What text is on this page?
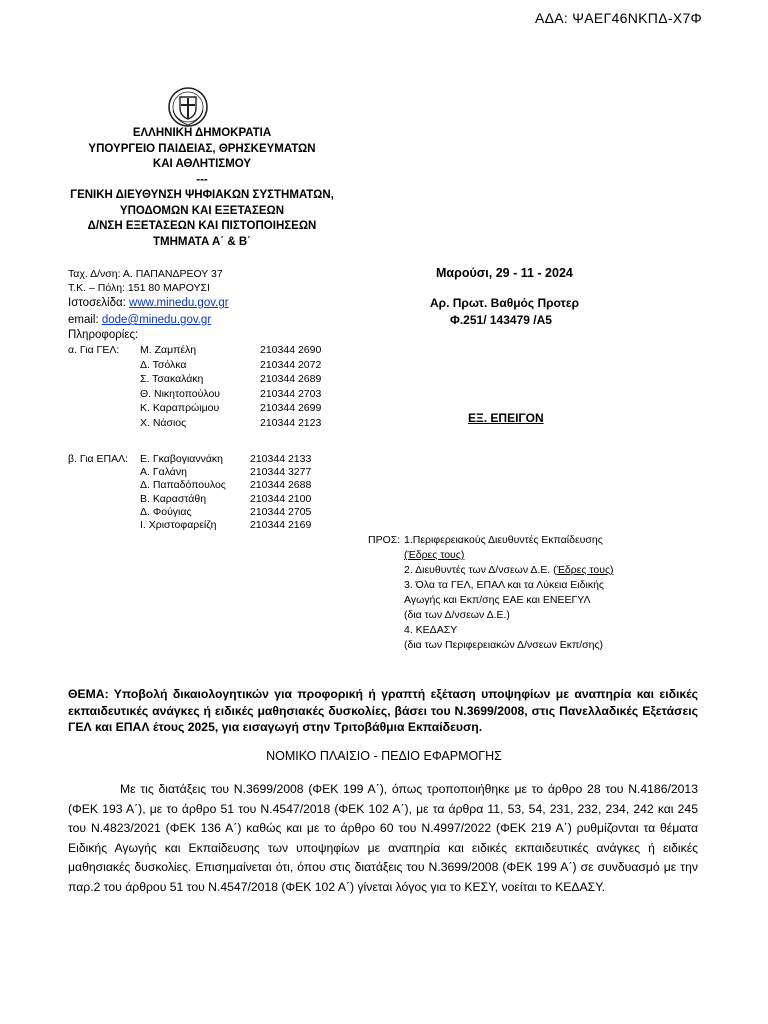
ΑΔΑ: ΨΑΕΓ46ΝΚΠΔ-Χ7Φ
ΕΛΛΗΝΙΚΗ ΔΗΜΟΚΡΑΤΙΑ
ΥΠΟΥΡΓΕΙΟ ΠΑΙΔΕΙΑΣ, ΘΡΗΣΚΕΥΜΑΤΩΝ
ΚΑΙ ΑΘΛΗΤΙΣΜΟΥ
---
ΓΕΝΙΚΗ ΔΙΕΥΘΥΝΣΗ ΨΗΦΙΑΚΩΝ ΣΥΣΤΗΜΑΤΩΝ,
ΥΠΟΔΟΜΩΝ ΚΑΙ ΕΞΕΤΑΣΕΩΝ
Δ/ΝΣΗ ΕΞΕΤΑΣΕΩΝ ΚΑΙ ΠΙΣΤΟΠΟΙΗΣΕΩΝ
ΤΜΗΜΑΤΑ Α΄ & Β΄
Ταχ. Δ/νση: Α. ΠΑΠΑΝΔΡΕΟΥ 37
Τ.Κ. – Πόλη: 151 80 ΜΑΡΟΥΣΙ
Ιστοσελίδα: www.minedu.gov.gr
email: dode@minedu.gov.gr
Πληροφορίες:
α. Για ΓΕΛ: Μ. Ζαμπέλη	210344 2690
Δ. Τσόλκα	210344 2072
Σ. Τσακαλάκη	210344 2689
Θ. Νικητοπούλου	210344 2703
Κ. Καραπρώιμου	210344 2699
Χ. Νάσιος	210344 2123
β. Για ΕΠΑΛ: Ε. Γκαβογιαννάκη	210344 2133
Α. Γαλάνη	210344 3277
Δ. Παπαδόπουλος 210344 2688
Β. Καραστάθη	210344 2100
Δ. Φούγιας	210344 2705
Ι. Χριστοφαρείζη	210344 2169
Μαρούσι, 29 - 11 - 2024
Αρ. Πρωτ. Βαθμός Προτερ
Φ.251/ 143479 /Α5
ΕΞ. ΕΠΕΙΓΟΝ
ΠΡΟΣ: 1.Περιφερειακούς Διευθυντές Εκπαίδευσης
(Έδρες τους)
2. Διευθυντές των Δ/νσεων Δ.Ε. (Έδρες τους)
3. Όλα τα ΓΕΛ, ΕΠΑΛ και τα Λύκεια Ειδικής
Αγωγής και Εκπ/σης ΕΑΕ και ΕΝΕΕΓΥΛ
(δια των Δ/νσεων Δ.Ε.)
4. ΚΕΔΑΣΥ
(δια των Περιφερειακών Δ/νσεων Εκπ/σης)
ΘΕΜΑ: Υποβολή δικαιολογητικών για προφορική ή γραπτή εξέταση υποψηφίων με αναπηρία και ειδικές εκπαιδευτικές ανάγκες ή ειδικές μαθησιακές δυσκολίες, βάσει του Ν.3699/2008, στις Πανελλαδικές Εξετάσεις ΓΕΛ και ΕΠΑΛ έτους 2025, για εισαγωγή στην Τριτοβάθμια Εκπαίδευση.
ΝΟΜΙΚΟ ΠΛΑΙΣΙΟ - ΠΕΔΙΟ ΕΦΑΡΜΟΓΗΣ
Με τις διατάξεις του Ν.3699/2008 (ΦΕΚ 199 Α΄), όπως τροποποιήθηκε με το άρθρο 28 του Ν.4186/2013 (ΦΕΚ 193 Α΄), με το άρθρο 51 του Ν.4547/2018 (ΦΕΚ 102 Α΄), με τα άρθρα 11, 53, 54, 231, 232, 234, 242 και 245 του Ν.4823/2021 (ΦΕΚ 136 Α΄) καθώς και με το άρθρο 60 του Ν.4997/2022 (ΦΕΚ 219 Α΄) ρυθμίζονται τα θέματα Ειδικής Αγωγής και Εκπαίδευσης των υποψηφίων με αναπηρία και ειδικές εκπαιδευτικές ανάγκες ή ειδικές μαθησιακές δυσκολίες. Επισημαίνεται ότι, όπου στις διατάξεις του Ν.3699/2008 (ΦΕΚ 199 Α΄) σε συνδυασμό με την παρ.2 του άρθρου 51 του Ν.4547/2018 (ΦΕΚ 102 Α΄) γίνεται λόγος για το ΚΕΣΥ, νοείται το ΚΕΔΑΣΥ.
